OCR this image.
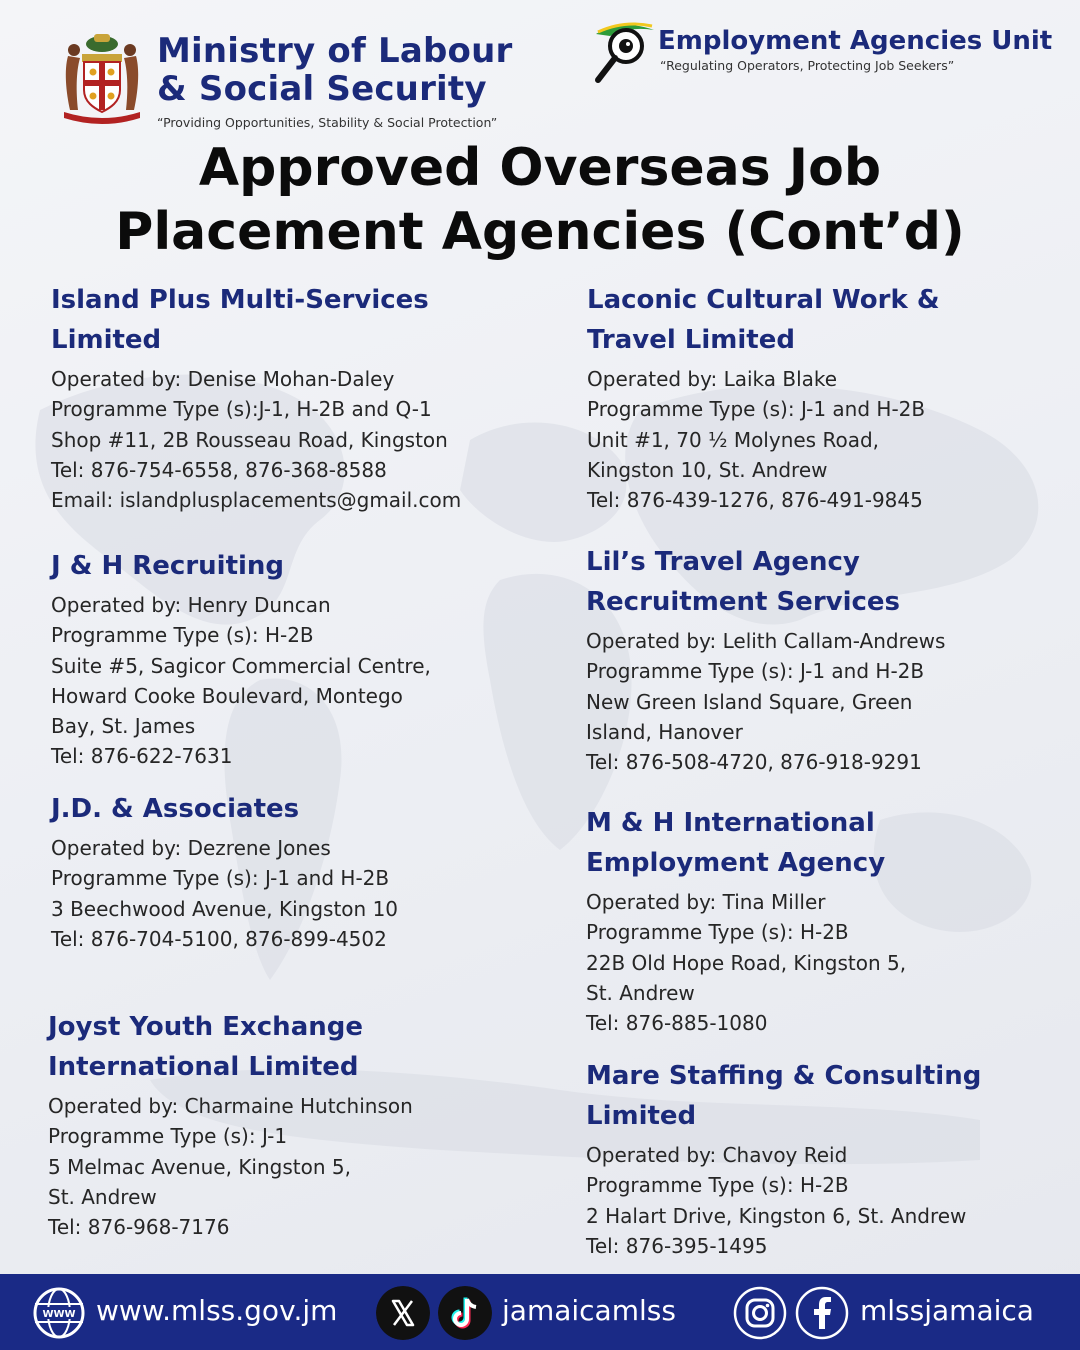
Ministry of Labour
& Social Security
“Providing Opportunities, Stability & Social Protection”
Employment Agencies Unit
“Regulating Operators, Protecting Job Seekers”
Approved Overseas Job
Placement Agencies (Cont’d)
Island Plus Multi-Services
Limited
Operated by: Denise Mohan-Daley
Programme Type (s):J-1, H-2B and Q-1
Shop #11, 2B Rousseau Road, Kingston
Tel: 876-754-6558, 876-368-8588
Email: islandplusplacements@gmail.com
Laconic Cultural Work &
Travel Limited
Operated by: Laika Blake
Programme Type (s): J-1 and H-2B
Unit #1, 70 ½ Molynes Road,
Kingston 10, St. Andrew
Tel: 876-439-1276, 876-491-9845
J & H Recruiting
Operated by: Henry Duncan
Programme Type (s): H-2B
Suite #5, Sagicor Commercial Centre,
Howard Cooke Boulevard, Montego
Bay, St. James
Tel: 876-622-7631
Lil’s Travel Agency
Recruitment Services
Operated by: Lelith Callam-Andrews
Programme Type (s): J-1 and H-2B
New Green Island Square, Green
Island, Hanover
Tel: 876-508-4720, 876-918-9291
J.D. & Associates
Operated by: Dezrene Jones
Programme Type (s): J-1 and H-2B
3 Beechwood Avenue, Kingston 10
Tel: 876-704-5100, 876-899-4502
M & H International
Employment Agency
Operated by: Tina Miller
Programme Type (s): H-2B
22B Old Hope Road, Kingston 5,
St. Andrew
Tel: 876-885-1080
Joyst Youth Exchange
International Limited
Operated by: Charmaine Hutchinson
Programme Type (s): J-1
5 Melmac Avenue, Kingston 5,
St. Andrew
Tel: 876-968-7176
Mare Staffing & Consulting
Limited
Operated by: Chavoy Reid
Programme Type (s): H-2B
2 Halart Drive, Kingston 6, St. Andrew
Tel: 876-395-1495
WWW www.mlss.gov.jm	jamaicamlss	mlssjamaica
